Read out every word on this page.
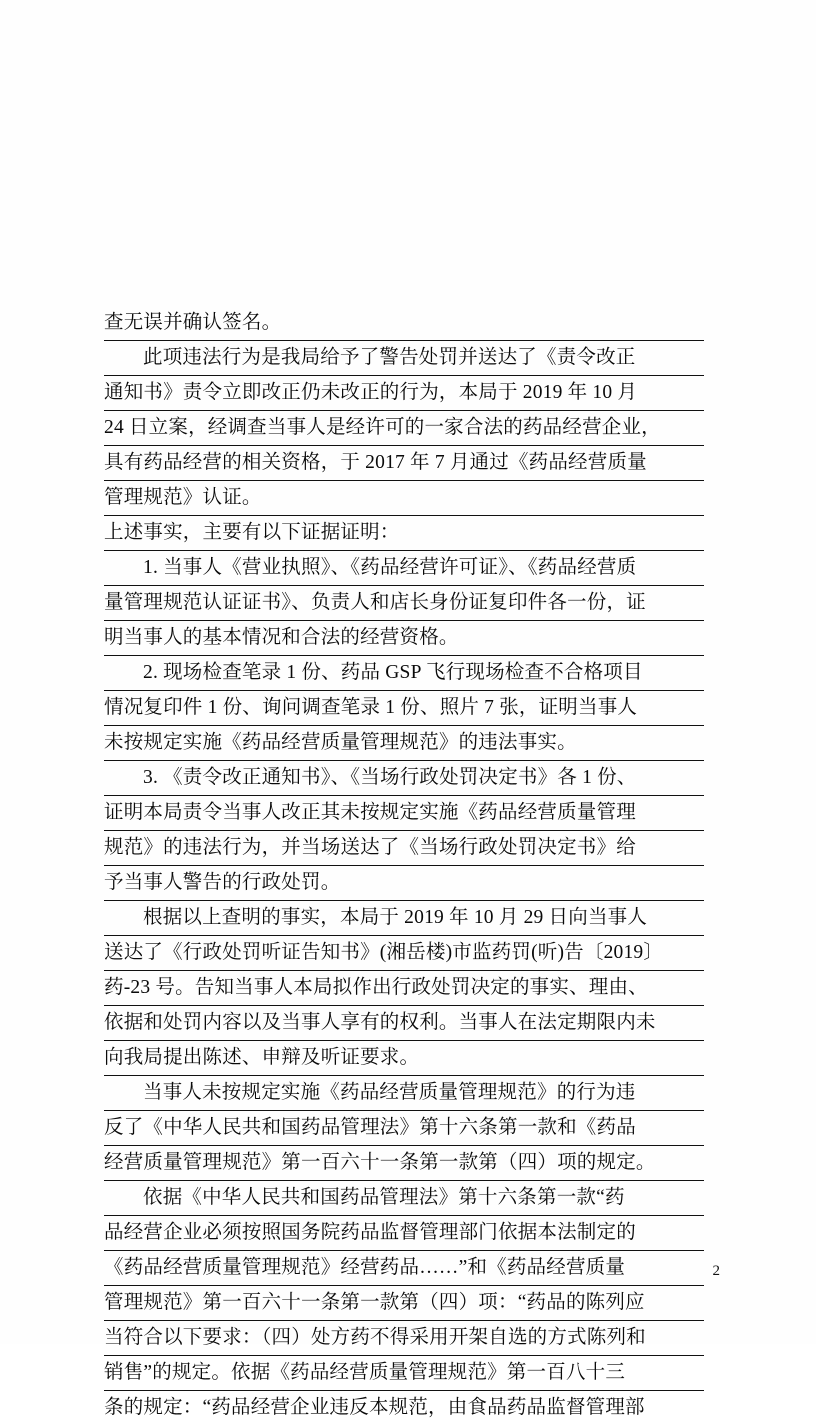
查无误并确认签名。

此项违法行为是我局给予了警告处罚并送达了《责令改正
通知书》责令立即改正仍未改正的行为，本局于 2019 年 10 月
24 日立案，经调查当事人是经许可的一家合法的药品经营企业，
具有药品经营的相关资格，于 2017 年 7 月通过《药品经营质量
管理规范》认证。

上述事实，主要有以下证据证明：

1. 当事人《营业执照》、《药品经营许可证》、《药品经营质
量管理规范认证证书》、负责人和店长身份证复印件各一份，证
明当事人的基本情况和合法的经营资格。

2. 现场检查笔录 1 份、药品 GSP 飞行现场检查不合格项目
情况复印件 1 份、询问调查笔录 1 份、照片 7 张，证明当事人
未按规定实施《药品经营质量管理规范》的违法事实。

3. 《责令改正通知书》、《当场行政处罚决定书》各 1 份、
证明本局责令当事人改正其未按规定实施《药品经营质量管理
规范》的违法行为，并当场送达了《当场行政处罚决定书》给
予当事人警告的行政处罚。

根据以上查明的事实，本局于 2019 年 10 月 29 日向当事人
送达了《行政处罚听证告知书》(湘岳楼)市监药罚(听)告〔2019〕
药-23 号。告知当事人本局拟作出行政处罚决定的事实、理由、
依据和处罚内容以及当事人享有的权利。当事人在法定期限内未
向我局提出陈述、申辩及听证要求。

当事人未按规定实施《药品经营质量管理规范》的行为违
反了《中华人民共和国药品管理法》第十六条第一款和《药品
经营质量管理规范》第一百六十一条第一款第（四）项的规定。

依据《中华人民共和国药品管理法》第十六条第一款“药
品经营企业必须按照国务院药品监督管理部门依据本法制定的
《药品经营质量管理规范》经营药品……”和《药品经营质量
管理规范》第一百六十一条第一款第（四）项：“药品的陈列应
当符合以下要求：（四）处方药不得采用开架自选的方式陈列和
销售”的规定。依据《药品经营质量管理规范》第一百八十三
条的规定：“药品经营企业违反本规范，由食品药品监督管理部

2
